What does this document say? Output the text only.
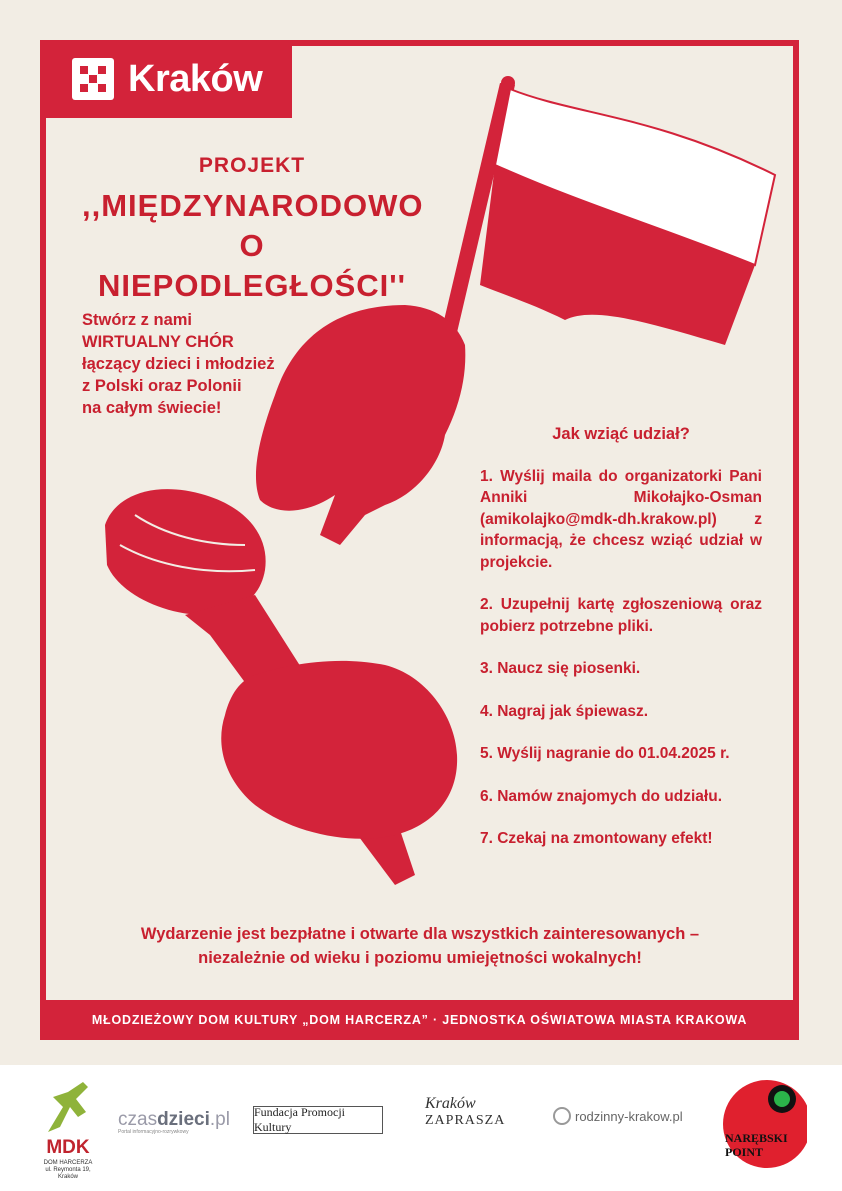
Kraków
PROJEKT
,,MIĘDZYNARODOWO
O NIEPODLEGŁOŚCI''
Stwórz z nami
WIRTUALNY CHÓR
łączący dzieci i młodzież
z Polski oraz Polonii
na całym świecie!
Jak wziąć udział?
1. Wyślij maila do organizatorki Pani Anniki Mikołajko-Osman (amikolajko@mdk-dh.krakow.pl) z informacją, że chcesz wziąć udział w projekcie.
2. Uzupełnij kartę zgłoszeniową oraz pobierz potrzebne pliki.
3. Naucz się piosenki.
4. Nagraj jak śpiewasz.
5. Wyślij nagranie do 01.04.2025 r.
6. Namów znajomych do udziału.
7. Czekaj na zmontowany efekt!
Wydarzenie jest bezpłatne i otwarte dla wszystkich zainteresowanych –
niezależnie od wieku i poziomu umiejętności wokalnych!
MŁODZIEŻOWY DOM KULTURY „DOM HARCERZA” · JEDNOSTKA OŚWIATOWA MIASTA KRAKOWA
MDK
DOM HARCERZA
ul. Reymonta 19, Kraków
czasdzieci.pl
Portal informacyjno-rozrywkowy
Fundacja Promocji Kultury
Kraków
ZAPRASZA	rodzinny-krakow.pl
NARĘBSKI
POINT
